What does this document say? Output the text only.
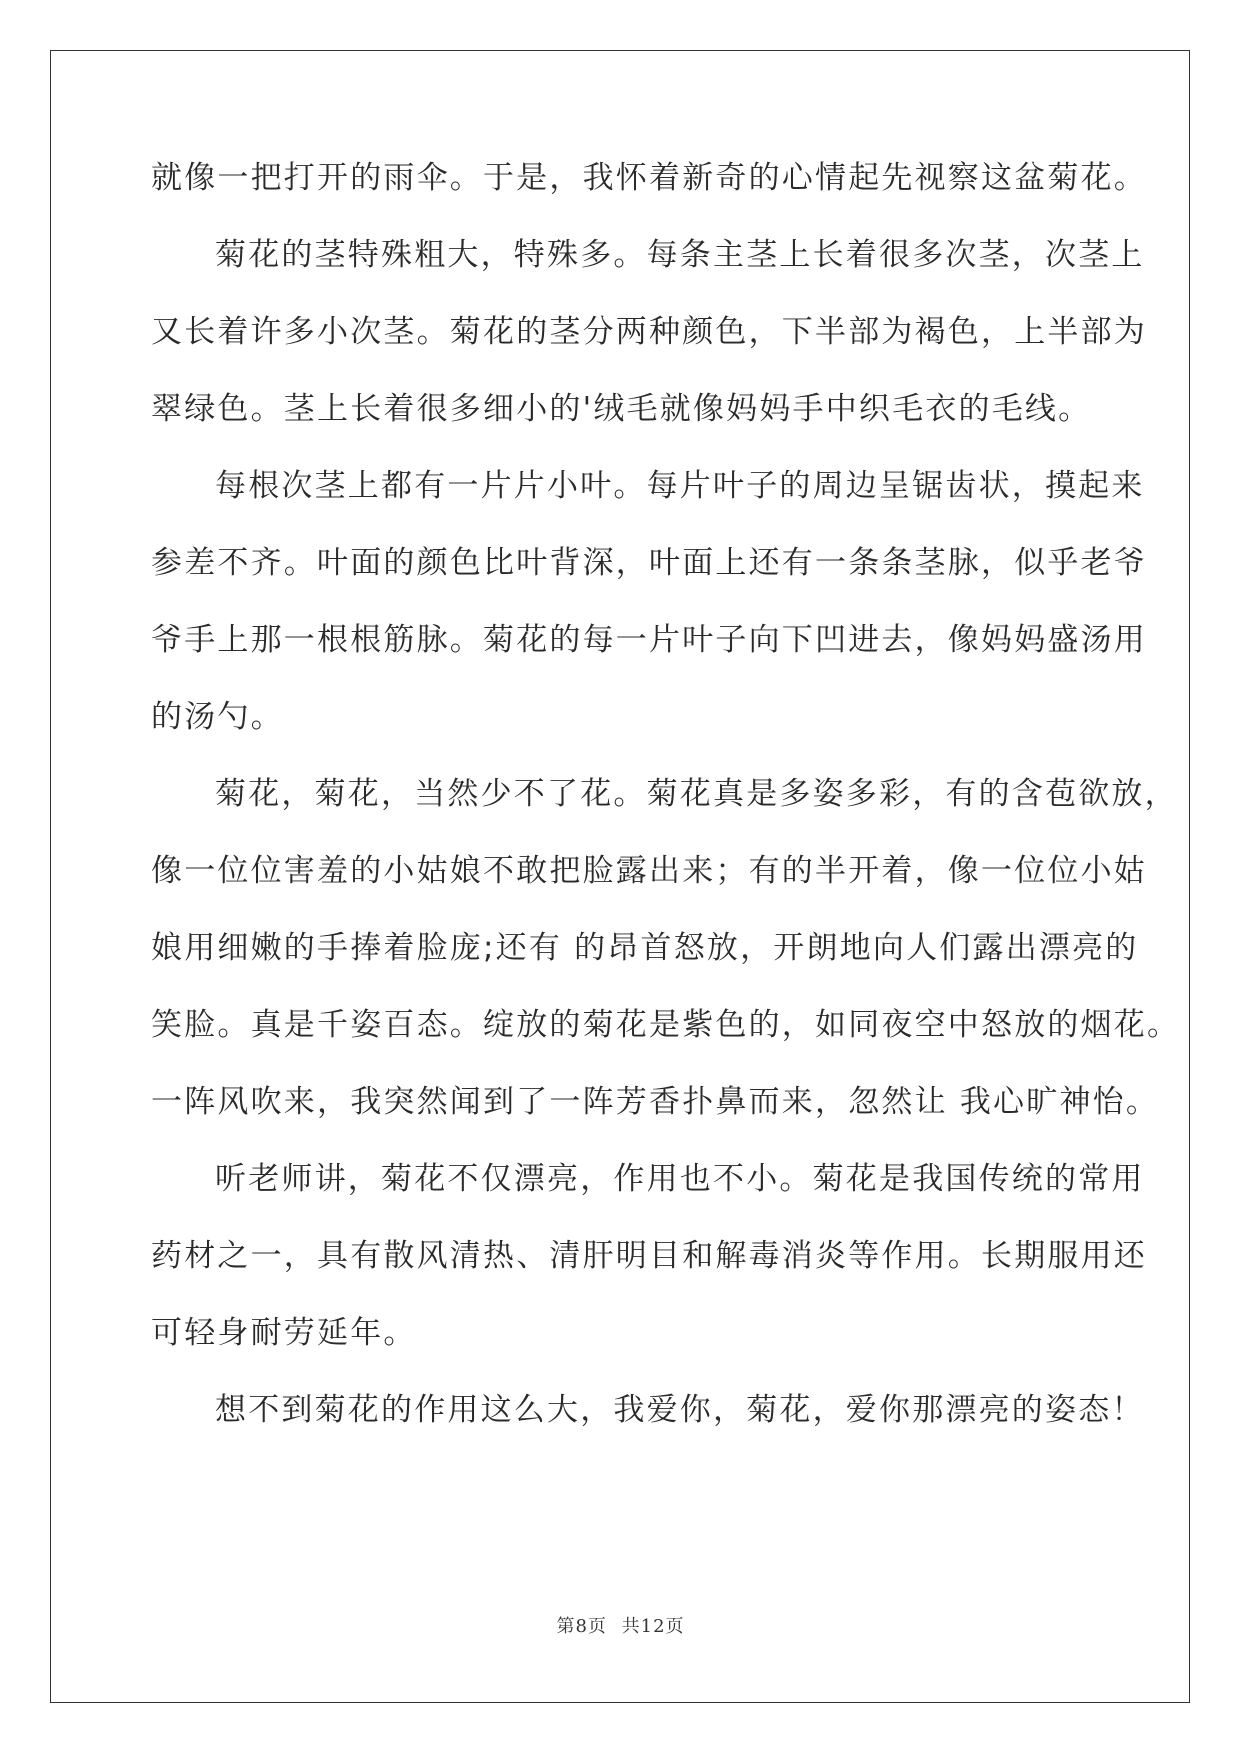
就像一把打开的雨伞。于是，我怀着新奇的心情起先视察这盆菊花。
菊花的茎特殊粗大，特殊多。每条主茎上长着很多次茎，次茎上
又长着许多小次茎。菊花的茎分两种颜色，下半部为褐色，上半部为
翠绿色。茎上长着很多细小的'绒毛就像妈妈手中织毛衣的毛线。
每根次茎上都有一片片小叶。每片叶子的周边呈锯齿状，摸起来
参差不齐。叶面的颜色比叶背深，叶面上还有一条条茎脉，似乎老爷
爷手上那一根根筋脉。菊花的每一片叶子向下凹进去，像妈妈盛汤用
的汤勺。
菊花，菊花，当然少不了花。菊花真是多姿多彩，有的含苞欲放，
像一位位害羞的小姑娘不敢把脸露出来；有的半开着，像一位位小姑
娘用细嫩的手捧着脸庞;还有 的昂首怒放，开朗地向人们露出漂亮的
笑脸。真是千姿百态。绽放的菊花是紫色的，如同夜空中怒放的烟花。
一阵风吹来，我突然闻到了一阵芳香扑鼻而来，忽然让 我心旷神怡。
听老师讲，菊花不仅漂亮，作用也不小。菊花是我国传统的常用
药材之一，具有散风清热、清肝明目和解毒消炎等作用。长期服用还
可轻身耐劳延年。
想不到菊花的作用这么大，我爱你，菊花，爱你那漂亮的姿态！
第8页 共12页
